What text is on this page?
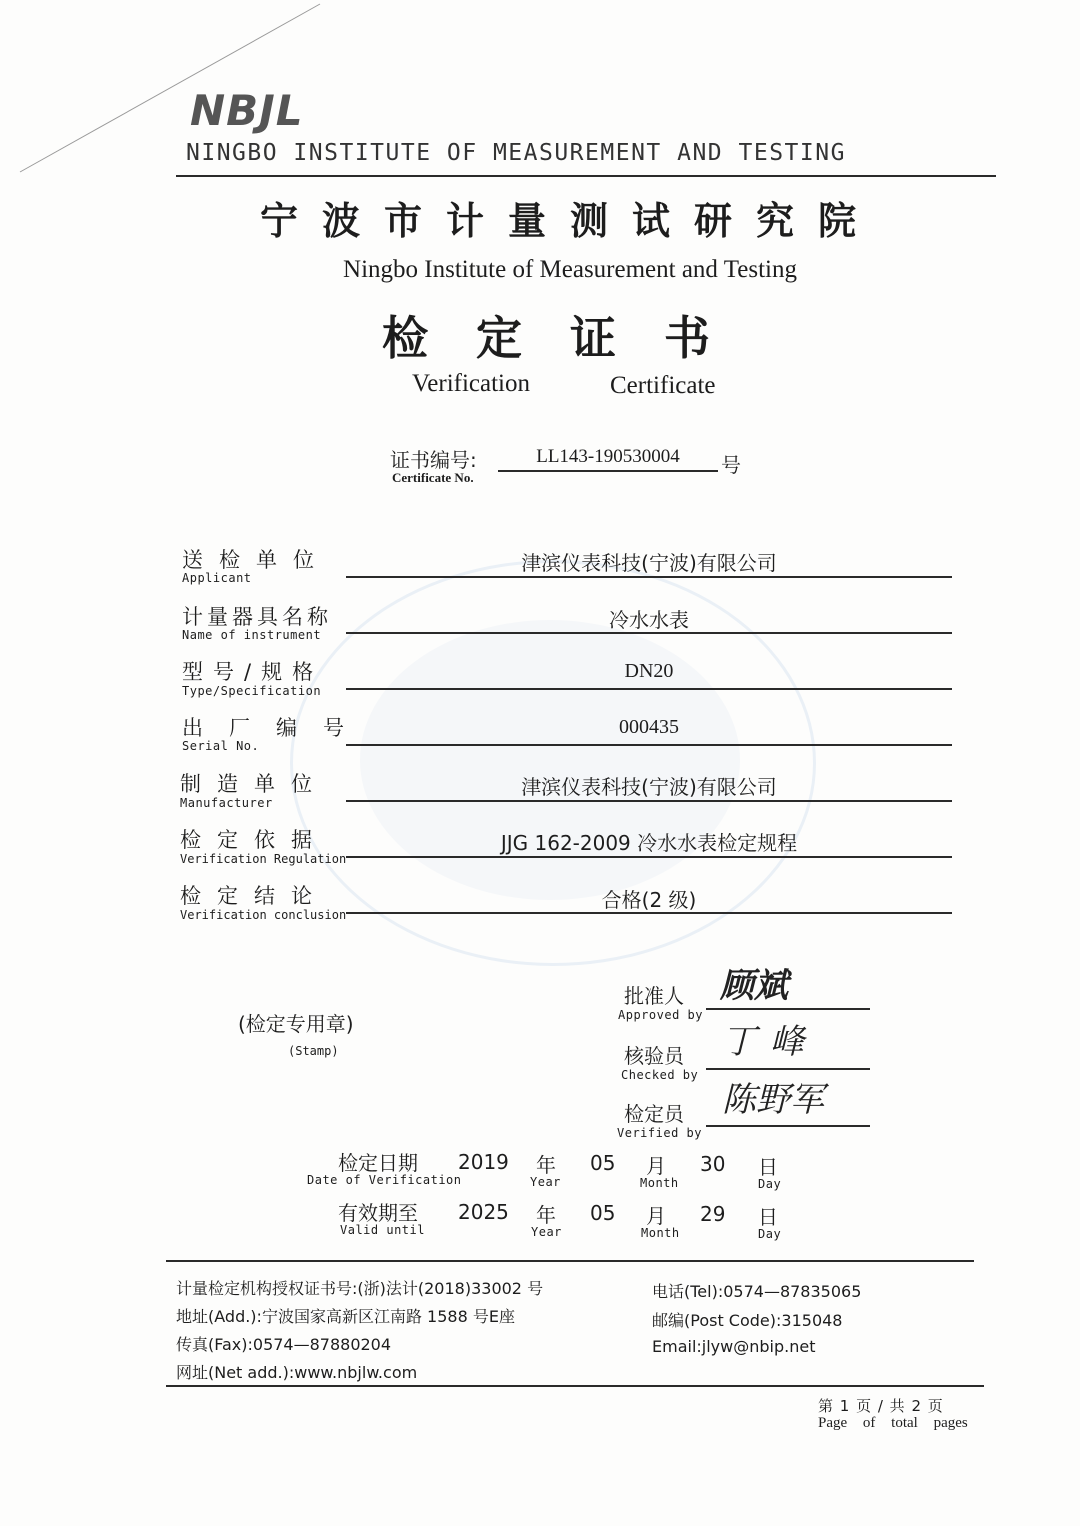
NBJL
NINGBO INSTITUTE OF MEASUREMENT AND TESTING
宁波市计量测试研究院
Ningbo Institute of Measurement and Testing
检定证书
Verification	Certificate
证书编号:
Certificate No.
LL143-190530004	号
送检单位
Applicant
津滨仪表科技(宁波)有限公司
计量器具名称
Name of instrument
冷水水表
型号/规格
Type/Specification
DN20
出厂编号
Serial No.
000435
制造单位
Manufacturer
津滨仪表科技(宁波)有限公司
检定依据
Verification Regulation
JJG 162-2009 冷水水表检定规程
检定结论
Verification conclusion
合格(2 级)
(检定专用章)
(Stamp)
批准人
Approved by
顾斌
核验员
Checked by
丁峰
检定员
Verified by
陈野军
检定日期
Date of Verification
2019 年
Year
05 月
Month
30 日
Day
有效期至
Valid until
2025 年
Year
05 月
Month
29 日
Day
计量检定机构授权证书号:(浙)法计(2018)33002 号
地址(Add.):宁波国家高新区江南路 1588 号E座
传真(Fax):0574—87880204
网址(Net add.):www.nbjlw.com
电话(Tel):0574—87835065
邮编(Post Code):315048
Email:jlyw@nbip.net
第 1 页 / 共 2 页
Page of total pages
